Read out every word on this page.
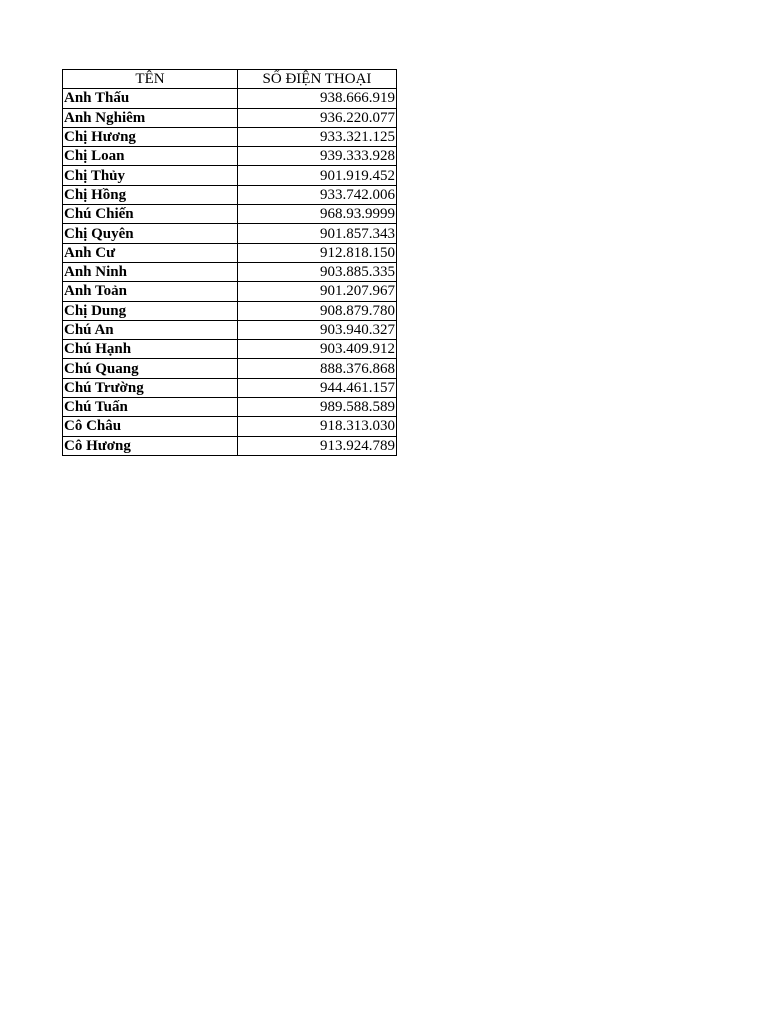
TÊN	SỐ ĐIỆN THOẠI
Anh Thấu	938.666.919
Anh Nghiêm	936.220.077
Chị Hương	933.321.125
Chị Loan	939.333.928
Chị Thủy	901.919.452
Chị Hồng	933.742.006
Chú Chiến	968.93.9999
Chị Quyên	901.857.343
Anh Cư	912.818.150
Anh Ninh	903.885.335
Anh Toản	901.207.967
Chị Dung	908.879.780
Chú An	903.940.327
Chú Hạnh	903.409.912
Chú Quang	888.376.868
Chú Trường	944.461.157
Chú Tuấn	989.588.589
Cô Châu	918.313.030
Cô Hương	913.924.789
